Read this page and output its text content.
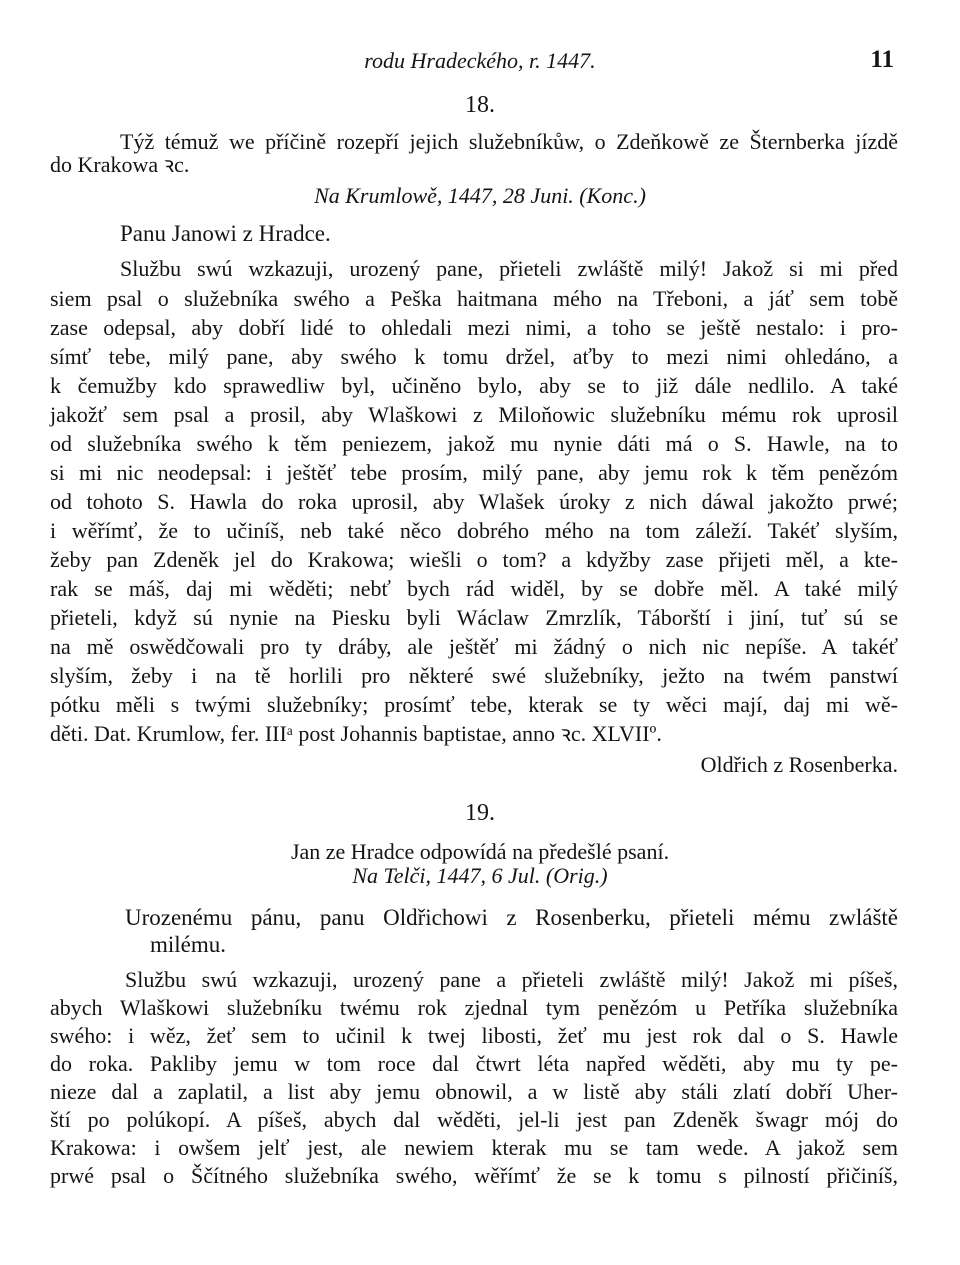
rodu Hradeckého, r. 1447.	11
18.
Týž témuž we příčině rozepří jejich služebníkůw, o Zdeňkowě ze Šternberka jízdě
do Krakowa ꝛc.
Na Krumlowě, 1447, 28 Juni. (Konc.)
Panu Janowi z Hradce.
Službu swú wzkazuji, urozený pane, přieteli zwláště milý! Jakož si mi před
siem psal o služebníka swého a Peška haitmana mého na Třeboni, a jáť sem tobě
zase odepsal, aby dobří lidé to ohledali mezi nimi, a toho se ještě nestalo: i pro-
símť tebe, milý pane, aby swého k tomu držel, aťby to mezi nimi ohledáno, a
k čemužby kdo sprawedliw byl, učiněno bylo, aby se to již dále nedlilo. A také
jakožť sem psal a prosil, aby Wlaškowi z Miloňowic služebníku mému rok uprosil
od služebníka swého k těm peniezem, jakož mu nynie dáti má o S. Hawle, na to
si mi nic neodepsal: i ještěť tebe prosím, milý pane, aby jemu rok k těm penězóm
od tohoto S. Hawla do roka uprosil, aby Wlašek úroky z nich dáwal jakožto prwé;
i wěřímť, že to učiníš, neb také něco dobrého mého na tom záleží. Takéť slyším,
žeby pan Zdeněk jel do Krakowa; wiešli o tom? a kdyžby zase přijeti měl, a kte-
rak se máš, daj mi wěděti; nebť bych rád widěl, by se dobře měl. A také milý
přieteli, když sú nynie na Piesku byli Wáclaw Zmrzlík, Táborští i jiní, tuť sú se
na mě oswědčowali pro ty drábу, ale ještěť mi žádný o nich nic nepíše. A takéť
slyším, žeby i na tě horlili pro některé swé služebníky, ježto na twém panstwí
pótku měli s twými služebníky; prosímť tebe, kterak se ty wěci mají, daj mi wě-
děti. Dat. Krumlow, fer. IIIᵃ post Johannis baptistae, anno ꝛc. XLVIIº.
Oldřich z Rosenberka.
19.
Jan ze Hradce odpowídá na předešlé psaní.
Na Telči, 1447, 6 Jul. (Orig.)
Urozenému pánu, panu Oldřichowi z Rosenberku, přieteli mému zwláště
milému.
Službu swú wzkazuji, urozený pane a přieteli zwláště milý! Jakož mi píšeš,
abych Wlaškowi služebníku twému rok zjednal tym penězóm u Petříka služebníka
swého: i wěz, žeť sem to učinil k twej libosti, žeť mu jest rok dal o S. Hawle
do roka. Pakliby jemu w tom roce dal čtwrt léta napřed wěděti, aby mu ty pe-
nieze dal a zaplatil, a list aby jemu obnowil, a w listě aby stáli zlatí dobří Uher-
ští po polúkopí. A píšeš, abych dal wěděti, jel-li jest pan Zdeněk šwagr mój do
Krakowa: i owšem jelť jest, ale newiem kterak mu se tam wede. A jakož sem
prwé psal o Ščítného služebníka swého, wěřímť že se k tomu s pilností přičiníš,
